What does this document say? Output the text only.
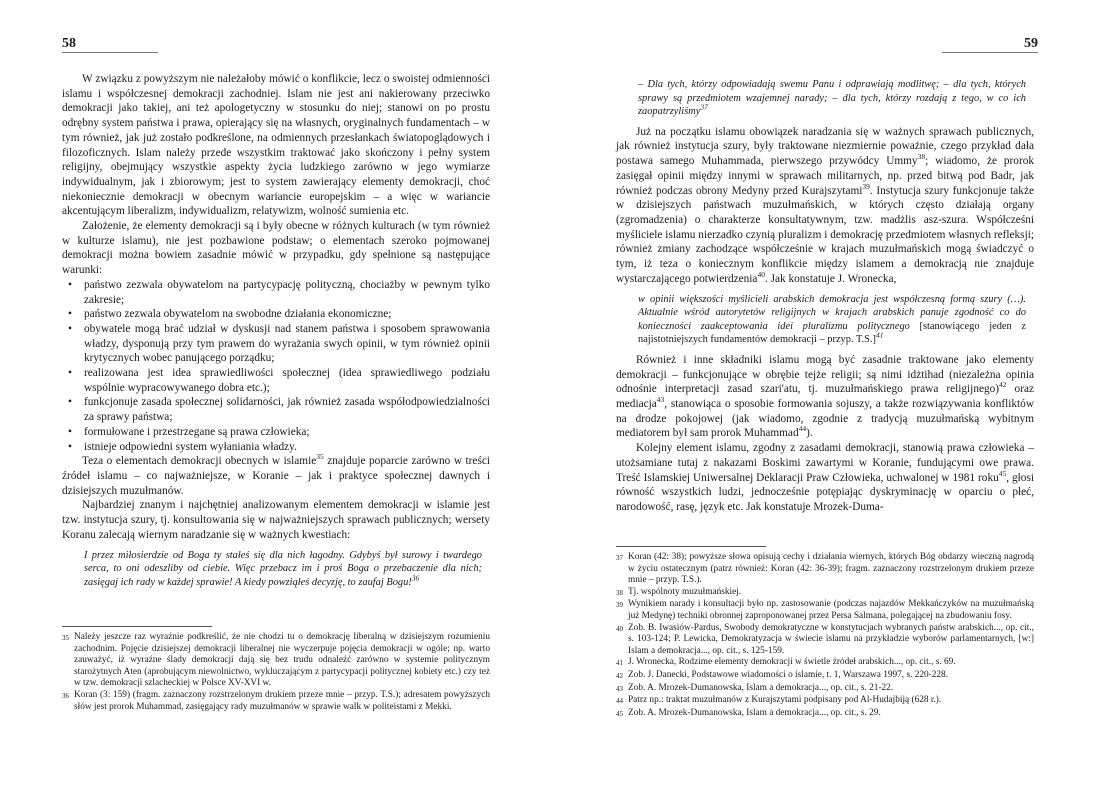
58

W związku z powyższym nie należałoby mówić o konflikcie, lecz o swoistej odmienności islamu i współczesnej demokracji zachodniej. Islam nie jest ani nakierowany przeciwko demokracji jako takiej, ani też apologetyczny w stosunku do niej; stanowi on po prostu odrębny system państwa i prawa, opierający się na własnych, oryginalnych fundamentach – w tym również, jak już zostało podkreślone, na odmiennych przesłankach światopoglądowych i filozoficznych. Islam należy przede wszystkim traktować jako skończony i pełny system religijny, obejmujący wszystkie aspekty życia ludzkiego zarówno w jego wymiarze indywidualnym, jak i zbiorowym; jest to system zawierający elementy demokracji, choć niekoniecznie demokracji w obecnym wariancie europejskim – a więc w wariancie akcentującym liberalizm, indywidualizm, relatywizm, wolność sumienia etc.

Założenie, że elementy demokracji są i były obecne w różnych kulturach (w tym również w kulturze islamu), nie jest pozbawione podstaw; o elementach szeroko pojmowanej demokracji można bowiem zasadnie mówić w przypadku, gdy spełnione są następujące warunki:

• państwo zezwala obywatelom na partycypację polityczną, chociażby w pewnym tylko zakresie;
• państwo zezwala obywatelom na swobodne działania ekonomiczne;
• obywatele mogą brać udział w dyskusji nad stanem państwa i sposobem sprawowania władzy, dysponują przy tym prawem do wyrażania swych opinii, w tym również opinii krytycznych wobec panującego porządku;
• realizowana jest idea sprawiedliwości społecznej (idea sprawiedliwego podziału wspólnie wypracowywanego dobra etc.);
• funkcjonuje zasada społecznej solidarności, jak również zasada współodpowiedzialności za sprawy państwa;
• formułowane i przestrzegane są prawa człowieka;
• istnieje odpowiedni system wyłaniania władzy.

Teza o elementach demokracji obecnych w islamie$^{35}$ znajduje poparcie zarówno w treści źródeł islamu – co najważniejsze, w Koranie – jak i praktyce społecznej dawnych i dzisiejszych muzułmanów.

Najbardziej znanym i najchętniej analizowanym elementem demokracji w islamie jest tzw. instytucja szury, tj. konsultowania się w najważniejszych sprawach publicznych; wersety Koranu zalecają wiernym naradzanie się w ważnych kwestiach:

I przez miłosierdzie od Boga ty stałeś się dla nich łagodny. Gdybyś był surowy i twardego serca, to oni odeszliby od ciebie. Więc przebacz im i proś Boga o przebaczenie dla nich; zasięgaj ich rady w każdej sprawie! A kiedy powziąłeś decyzję, to zaufaj Bogu!$^{36}$
35 Należy jeszcze raz wyraźnie podkreślić, że nie chodzi tu o demokrację liberalną w dzisiejszym rozumieniu zachodnim. Pojęcie dzisiejszej demokracji liberalnej nie wyczerpuje pojęcia demokracji w ogóle; np. warto zauważyć, iż wyraźne ślady demokracji dają się bez trudu odnaleźć zarówno w systemie politycznym starożytnych Aten (aprobującym niewolnictwo, wykluczającym z partycypacji politycznej kobiety etc.) czy też w tzw. demokracji szlacheckiej w Polsce XV-XVI w.
36 Koran (3: 159) (fragm. zaznaczony rozstrzelonym drukiem przeze mnie – przyp. T.S.); adresatem powyższych słów jest prorok Muhammad, zasięgający rady muzułmanów w sprawie walk w politeistami z Mekki.
59
– Dla tych, którzy odpowiadają swemu Panu i odprawiają modlitwę; – dla tych, których sprawy są przedmiotem wzajemnej narady; – dla tych, którzy rozdają z tego, w co ich zaopatrzyliśmy$^{37}$

Już na początku islamu obowiązek naradzania się w ważnych sprawach publicznych, jak również instytucja szury, były traktowane niezmiernie poważnie, czego przykład dała postawa samego Muhammada, pierwszego przywódcy Ummy$^{38}$; wiadomo, że prorok zasięgał opinii między innymi w sprawach militarnych, np. przed bitwą pod Badr, jak również podczas obrony Medyny przed Kurajszytami$^{39}$. Instytucja szury funkcjonuje także w dzisiejszych państwach muzułmańskich, w których często działają organy (zgromadzenia) o charakterze konsultatywnym, tzw. madżlis asz-szura. Współcześni myśliciele islamu nierzadko czynią pluralizm i demokrację przedmiotem własnych refleksji; również zmiany zachodzące współcześnie w krajach muzułmańskich mogą świadczyć o tym, iż teza o koniecznym konflikcie między islamem a demokracją nie znajduje wystarczającego potwierdzenia$^{40}$. Jak konstatuje J. Wronecka,

w opinii większości myślicieli arabskich demokracja jest współczesną formą szury (…). Aktualnie wśród autorytetów religijnych w krajach arabskich panuje zgodność co do konieczności zaakceptowania idei pluralizmu politycznego [stanowiącego jeden z najistotniejszych fundamentów demokracji – przyp. T.S.]$^{41}$

Również i inne składniki islamu mogą być zasadnie traktowane jako elementy demokracji – funkcjonujące w obrębie tejże religii; są nimi idżtihad (niezależna opinia odnośnie interpretacji zasad szari'atu, tj. muzułmańskiego prawa religijnego)$^{42}$ oraz mediacja$^{43}$, stanowiąca o sposobie formowania sojuszy, a także rozwiązywania konfliktów na drodze pokojowej (jak wiadomo, zgodnie z tradycją muzułmańską wybitnym mediatorem był sam prorok Muhammad$^{44}$).

Kolejny element islamu, zgodny z zasadami demokracji, stanowią prawa człowieka – utożsamiane tutaj z nakazami Boskimi zawartymi w Koranie, fundującymi owe prawa. Treść Islamskiej Uniwersalnej Deklaracji Praw Człowieka, uchwalonej w 1981 roku$^{45}$, głosi równość wszystkich ludzi, jednocześnie potępiając dyskryminację w oparciu o płeć, narodowość, rasę, język etc. Jak konstatuje Mrozek-Duma-

37 Koran (42: 38); powyższe słowa opisują cechy i działania wiernych, których Bóg obdarzy wieczną nagrodą w życiu ostatecznym (patrz również: Koran (42: 36-39); fragm. zaznaczony rozstrzelonym drukiem przeze mnie – przyp. T.S.).
38 Tj. wspólnoty muzułmańskiej.
39 Wynikiem narady i konsultacji było np. zastosowanie (podczas najazdów Mekkańczyków na muzułmańską już Medynę) techniki obronnej zaproponowanej przez Persa Salmana, polegającej na zbudowaniu fosy.
40 Zob. B. Iwasiów-Pardus, Swobody demokratyczne w konstytucjach wybranych państw arabskich..., op. cit., s. 103-124; P. Lewicka, Demokratyzacja w świecie islamu na przykładzie wyborów parlamentarnych, [w:] Islam a demokracja..., op. cit., s. 125-159.
41 J. Wronecka, Rodzime elementy demokracji w świetle źródeł arabskich..., op. cit., s. 69.
42 Zob. J. Danecki, Podstawowe wiadomości o islamie, t. 1, Warszawa 1997, s. 220-228.
43 Zob. A. Mrozek-Dumanowska, Islam a demokracja..., op. cit., s. 21-22.
44 Patrz np.: traktat muzułmanów z Kurajszytami podpisany pod Al-Hudajbiją (628 r.).
45 Zob. A. Mrozek-Dumanowska, Islam a demokracja..., op. cit., s. 29.
